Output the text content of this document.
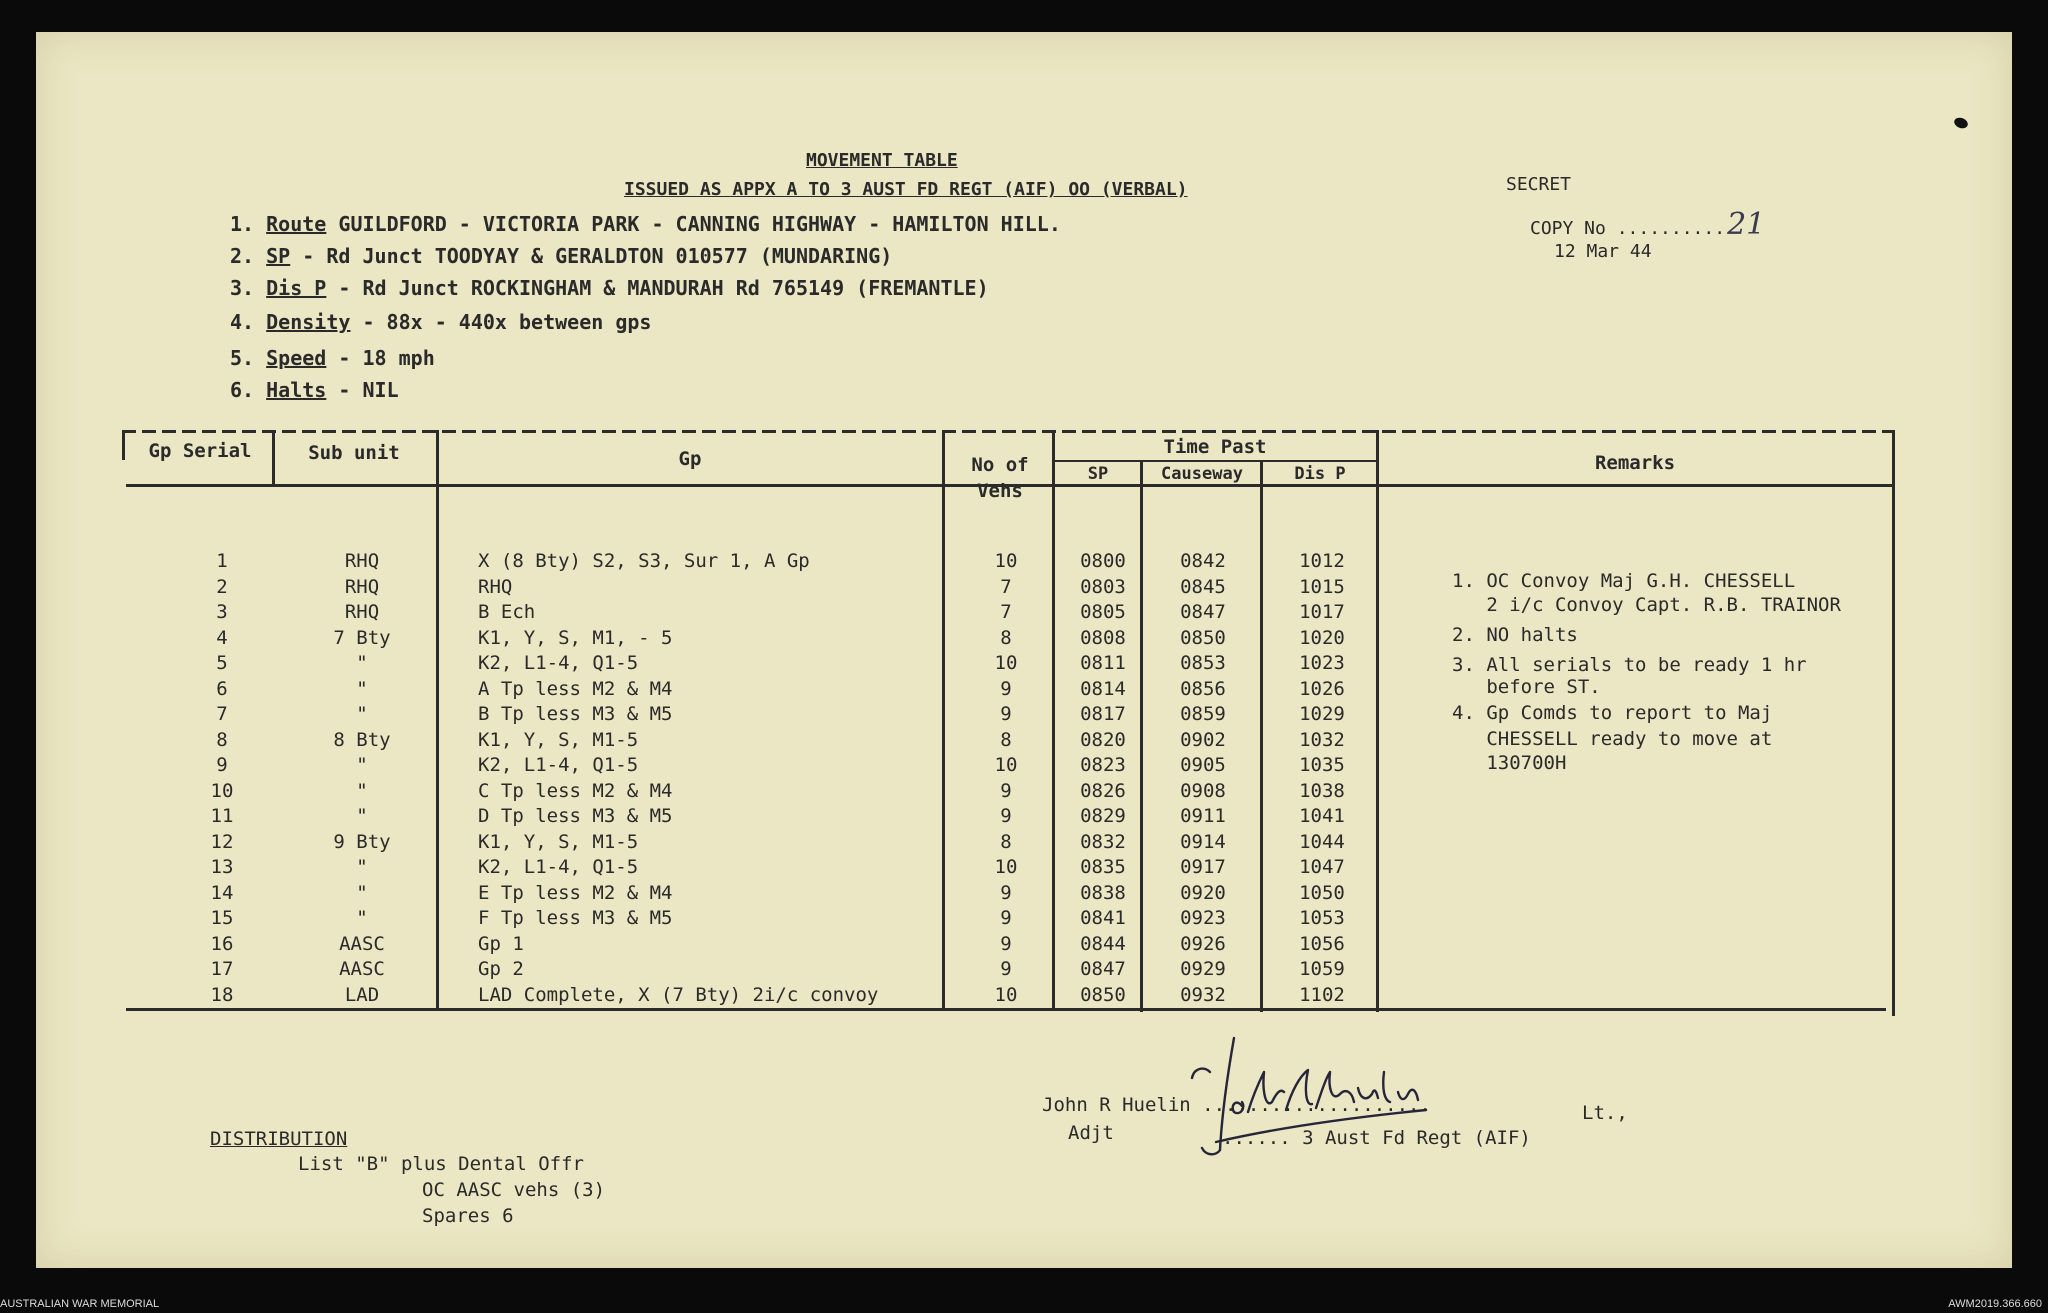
MOVEMENT TABLE
ISSUED AS APPX A TO 3 AUST FD REGT (AIF) OO (VERBAL)	SECRET
COPY No ..........21
12 Mar 44
1. Route GUILDFORD - VICTORIA PARK - CANNING HIGHWAY - HAMILTON HILL.
2. SP - Rd Junct TOODYAY & GERALDTON 010577 (MUNDARING)
3. Dis P - Rd Junct ROCKINGHAM & MANDURAH Rd 765149 (FREMANTLE)
4. Density - 88x - 440x between gps
5. Speed - 18 mph
6. Halts - NIL
Gp Serial	Sub unit	Gp	No of Vehs
Time Past
SP	Causeway	Dis P	Remarks
1	RHQ	X (8 Bty) S2, S3, Sur 1, A Gp	10	0800	0842	1012
2	RHQ	RHQ	7	0803	0845	1015
3	RHQ	B Ech	7	0805	0847	1017
4	7 Bty	K1, Y, S, M1, - 5	8	0808	0850	1020
5	"	K2, L1-4, Q1-5	10	0811	0853	1023
6	"	A Tp less M2 & M4	9	0814	0856	1026
7	"	B Tp less M3 & M5	9	0817	0859	1029
8	8 Bty	K1, Y, S, M1-5	8	0820	0902	1032
9	"	K2, L1-4, Q1-5	10	0823	0905	1035
10	"	C Tp less M2 & M4	9	0826	0908	1038
11	"	D Tp less M3 & M5	9	0829	0911	1041
12	9 Bty	K1, Y, S, M1-5	8	0832	0914	1044
13	"	K2, L1-4, Q1-5	10	0835	0917	1047
14	"	E Tp less M2 & M4	9	0838	0920	1050
15	"	F Tp less M3 & M5	9	0841	0923	1053
16	AASC	Gp 1	9	0844	0926	1056
17	AASC	Gp 2	9	0847	0929	1059
18	LAD	LAD Complete, X (7 Bty) 2i/c convoy	10	0850	0932	1102
1. OC Convoy Maj G.H. CHESSELL
2 i/c Convoy Capt. R.B. TRAINOR
2. NO halts
3. All serials to be ready 1 hr
before ST.
4. Gp Comds to report to Maj
CHESSELL ready to move at
130700H
John R Huelin ....................	Lt.,
Adjt	...... 3 Aust Fd Regt (AIF)
DISTRIBUTION
List "B" plus Dental Offr
OC AASC vehs (3)
Spares 6
AUSTRALIAN WAR MEMORIAL	AWM2019.366.660
